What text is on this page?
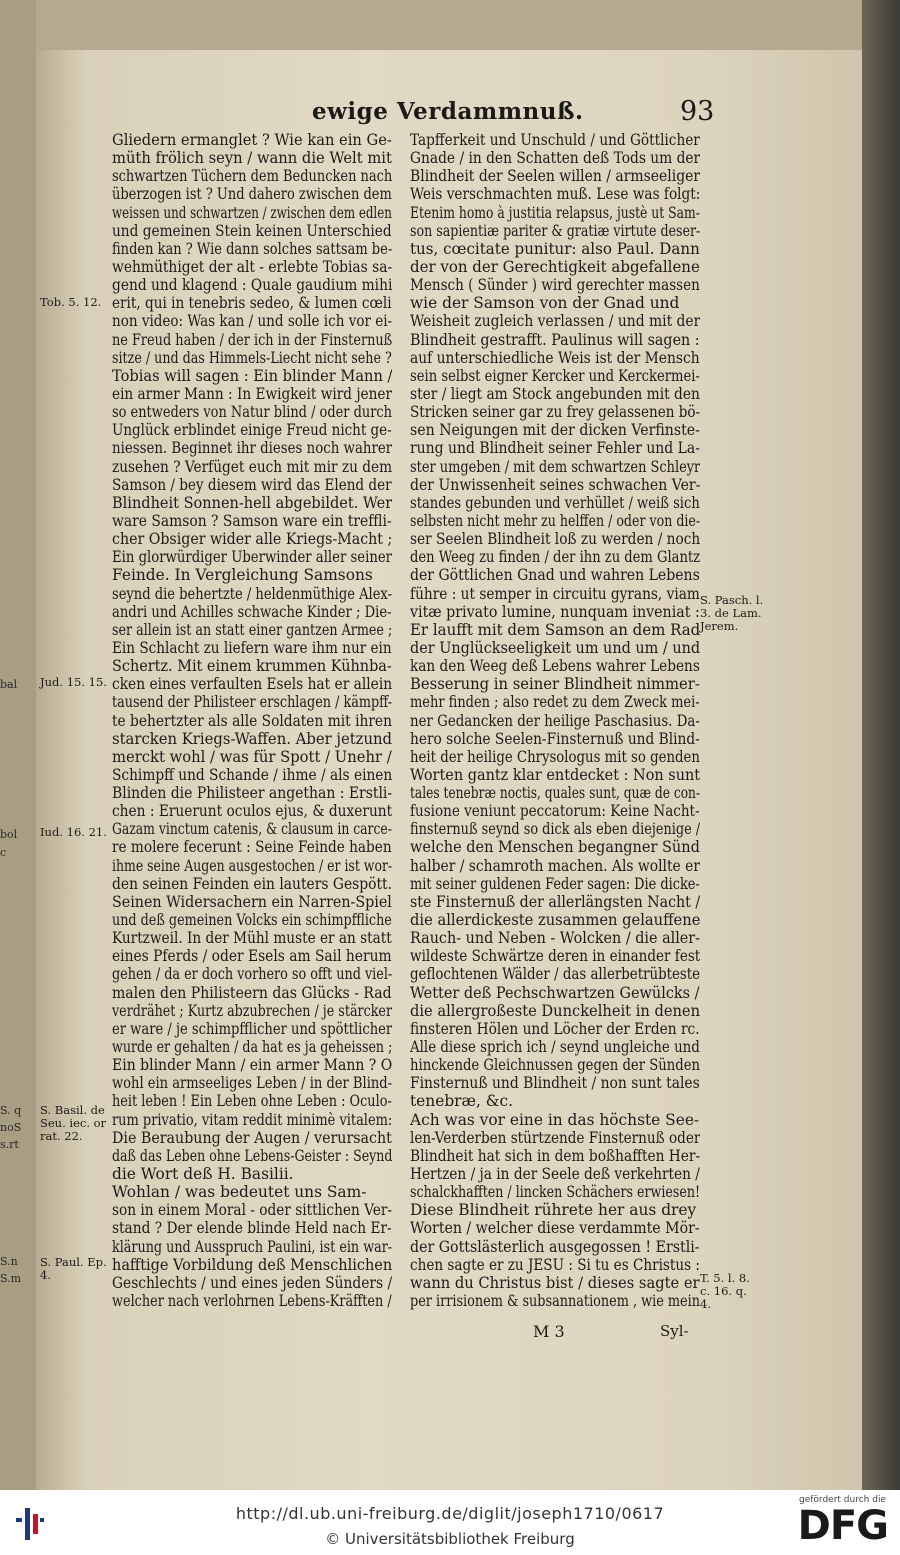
bal
bol
c
S. q
noS
s.rt
S.n
S.m
ewige Verdammnuß.	93
Gliedern ermanglet ? Wie kan ein Ge-
müth frölich seyn / wann die Welt mit
schwartzen Tüchern dem Beduncken nach
überzogen ist ? Und dahero zwischen dem
weissen und schwartzen / zwischen dem edlen
und gemeinen Stein keinen Unterschied
finden kan ? Wie dann solches sattsam be-
wehmüthiget der alt - erlebte Tobias sa-
gend und klagend : Quale gaudium mihi
erit, qui in tenebris sedeo, & lumen cœli
non video: Was kan / und solle ich vor ei-
ne Freud haben / der ich in der Finsternuß
sitze / und das Himmels-Liecht nicht sehe ?
Tobias will sagen : Ein blinder Mann /
ein armer Mann : In Ewigkeit wird jener
so entweders von Natur blind / oder durch
Unglück erblindet einige Freud nicht ge-
niessen. Beginnet ihr dieses noch wahrer
zusehen ? Verfüget euch mit mir zu dem
Samson / bey diesem wird das Elend der
Blindheit Sonnen-hell abgebildet. Wer
ware Samson ? Samson ware ein treffli-
cher Obsiger wider alle Kriegs-Macht ;
Ein glorwürdiger Uberwinder aller seiner
Feinde. In Vergleichung Samsons
seynd die behertzte / heldenmüthige Alex-
andri und Achilles schwache Kinder ; Die-
ser allein ist an statt einer gantzen Armee ;
Ein Schlacht zu liefern ware ihm nur ein
Schertz. Mit einem krummen Kühnba-
cken eines verfaulten Esels hat er allein
tausend der Philisteer erschlagen / kämpff-
te behertzter als alle Soldaten mit ihren
starcken Kriegs-Waffen. Aber jetzund
merckt wohl / was für Spott / Unehr /
Schimpff und Schande / ihme / als einen
Blinden die Philisteer angethan : Erstli-
chen : Eruerunt oculos ejus, & duxerunt
Gazam vinctum catenis, & clausum in carce-
re molere fecerunt : Seine Feinde haben
ihme seine Augen ausgestochen / er ist wor-
den seinen Feinden ein lauters Gespött.
Seinen Widersachern ein Narren-Spiel
und deß gemeinen Volcks ein schimpffliche
Kurtzweil. In der Mühl muste er an statt
eines Pferds / oder Esels am Sail herum
gehen / da er doch vorhero so offt und viel-
malen den Philisteern das Glücks - Rad
verdrähet ; Kurtz abzubrechen / je stärcker
er ware / je schimpfflicher und spöttlicher
wurde er gehalten / da hat es ja geheissen ;
Ein blinder Mann / ein armer Mann ? O
wohl ein armseeliges Leben / in der Blind-
heit leben ! Ein Leben ohne Leben : Oculo-
rum privatio, vitam reddit minimè vitalem:
Die Beraubung der Augen / verursacht
daß das Leben ohne Lebens-Geister : Seynd
die Wort deß H. Basilii.
Wohlan / was bedeutet uns Sam-
son in einem Moral - oder sittlichen Ver-
stand ? Der elende blinde Held nach Er-
klärung und Ausspruch Paulini, ist ein war-
hafftige Vorbildung deß Menschlichen
Geschlechts / und eines jeden Sünders /
welcher nach verlohrnen Lebens-Kräfften /
Tapfferkeit und Unschuld / und Göttlicher
Gnade / in den Schatten deß Tods um der
Blindheit der Seelen willen / armseeliger
Weis verschmachten muß. Lese was folgt:
Etenim homo à justitia relapsus, justè ut Sam-
son sapientiæ pariter & gratiæ virtute deser-
tus, cœcitate punitur: also Paul. Dann
der von der Gerechtigkeit abgefallene
Mensch ( Sünder ) wird gerechter massen
wie der Samson von der Gnad und
Weisheit zugleich verlassen / und mit der
Blindheit gestrafft. Paulinus will sagen :
auf unterschiedliche Weis ist der Mensch
sein selbst eigner Kercker und Kerckermei-
ster / liegt am Stock angebunden mit den
Stricken seiner gar zu frey gelassenen bö-
sen Neigungen mit der dicken Verfinste-
rung und Blindheit seiner Fehler und La-
ster umgeben / mit dem schwartzen Schleyr
der Unwissenheit seines schwachen Ver-
standes gebunden und verhüllet / weiß sich
selbsten nicht mehr zu helffen / oder von die-
ser Seelen Blindheit loß zu werden / noch
den Weeg zu finden / der ihn zu dem Glantz
der Göttlichen Gnad und wahren Lebens
führe : ut semper in circuitu gyrans, viam
vitæ privato lumine, nunquam inveniat :
Er laufft mit dem Samson an dem Rad
der Unglückseeligkeit um und um / und
kan den Weeg deß Lebens wahrer Lebens
Besserung in seiner Blindheit nimmer-
mehr finden ; also redet zu dem Zweck mei-
ner Gedancken der heilige Paschasius. Da-
hero solche Seelen-Finsternuß und Blind-
heit der heilige Chrysologus mit so genden
Worten gantz klar entdecket : Non sunt
tales tenebræ noctis, quales sunt, quæ de con-
fusione veniunt peccatorum: Keine Nacht-
finsternuß seynd so dick als eben diejenige /
welche den Menschen begangner Sünd
halber / schamroth machen. Als wollte er
mit seiner guldenen Feder sagen: Die dicke-
ste Finsternuß der allerlängsten Nacht /
die allerdickeste zusammen gelauffene
Rauch- und Neben - Wolcken / die aller-
wildeste Schwärtze deren in einander fest
geflochtenen Wälder / das allerbetrübteste
Wetter deß Pechschwartzen Gewülcks /
die allergroßeste Dunckelheit in denen
finsteren Hölen und Löcher der Erden rc.
Alle diese sprich ich / seynd ungleiche und
hinckende Gleichnussen gegen der Sünden
Finsternuß und Blindheit / non sunt tales
tenebræ, &c.
Ach was vor eine in das höchste See-
len-Verderben stürtzende Finsternuß oder
Blindheit hat sich in dem boßhafften Her-
Hertzen / ja in der Seele deß verkehrten /
schalckhafften / lincken Schächers erwiesen!
Diese Blindheit rührete her aus drey
Worten / welcher diese verdammte Mör-
der Gottslästerlich ausgegossen ! Erstli-
chen sagte er zu JESU : Si tu es Christus :
wann du Christus bist / dieses sagte er
per irrisionem & subsannationem , wie mein
Tob. 5. 12.
Jud. 15. 15.
Iud. 16. 21.
S. Basil. de Seu. iec. or rat. 22.
S. Paul. Ep. 4.
S. Pasch. l. 3. de Lam. Jerem.
T. 5. l. 8. c. 16. q. 4.
M 3	Syl-
http://dl.ub.uni-freiburg.de/diglit/joseph1710/0617
© Universitätsbibliothek Freiburg
gefördert durch die
DFG
